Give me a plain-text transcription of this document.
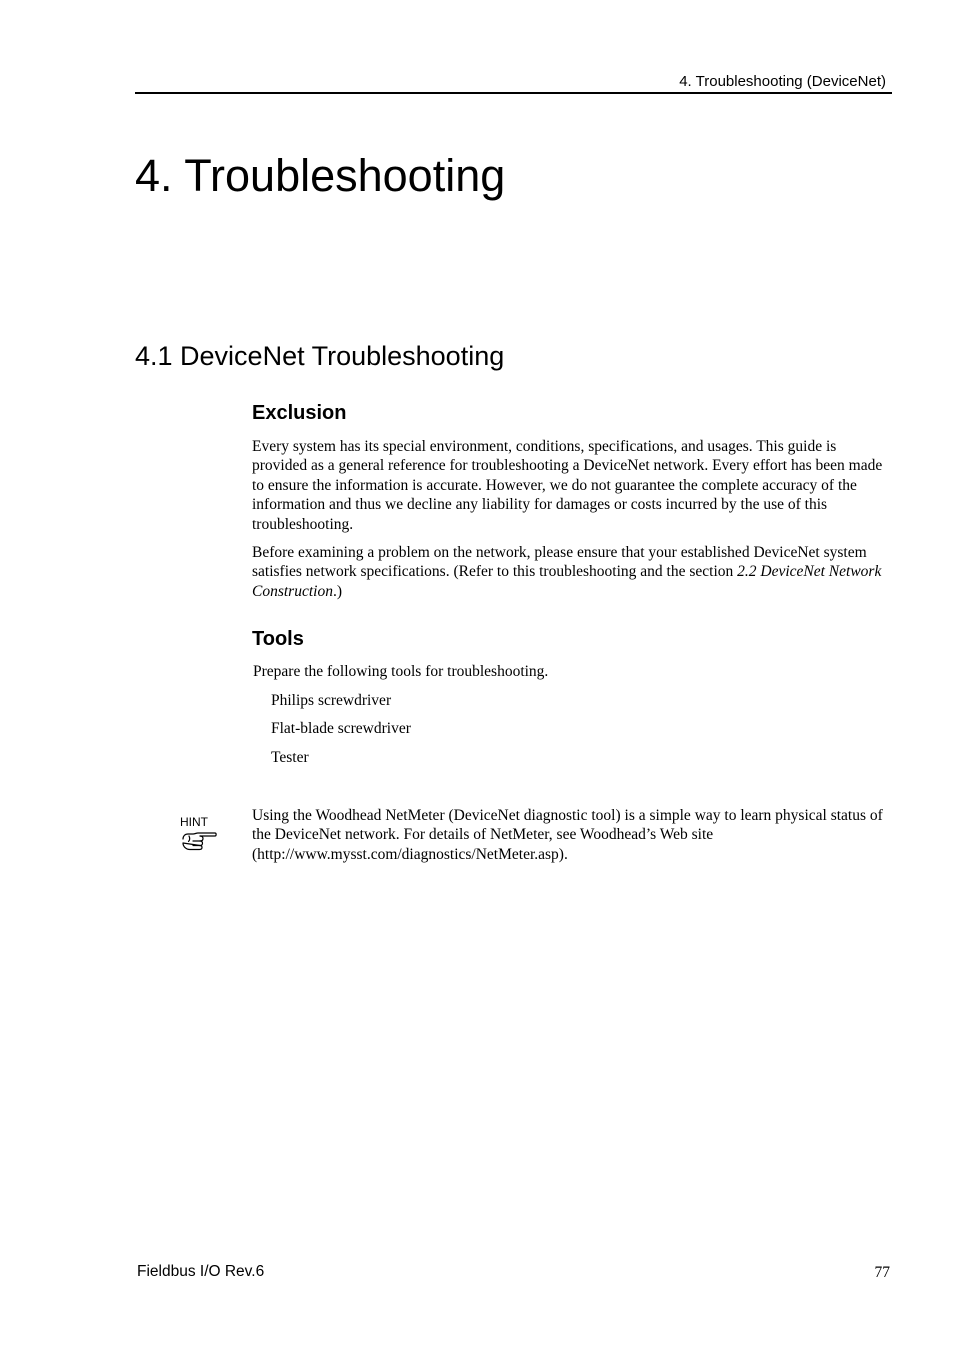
4. Troubleshooting (DeviceNet)
4. Troubleshooting
4.1 DeviceNet Troubleshooting
Exclusion
Every system has its special environment, conditions, specifications, and usages. This guide is provided as a general reference for troubleshooting a DeviceNet network. Every effort has been made to ensure the information is accurate. However, we do not guarantee the complete accuracy of the information and thus we decline any liability for damages or costs incurred by the use of this troubleshooting.
Before examining a problem on the network, please ensure that your established DeviceNet system satisfies network specifications. (Refer to this troubleshooting and the section 2.2 DeviceNet Network Construction.)
Tools
Prepare the following tools for troubleshooting.
Philips screwdriver
Flat-blade screwdriver
Tester
HINT	Using the Woodhead NetMeter (DeviceNet diagnostic tool) is a simple way to learn physical status of the DeviceNet network. For details of NetMeter, see Woodhead’s Web site (http://www.mysst.com/diagnostics/NetMeter.asp).
Fieldbus I/O Rev.6	77
